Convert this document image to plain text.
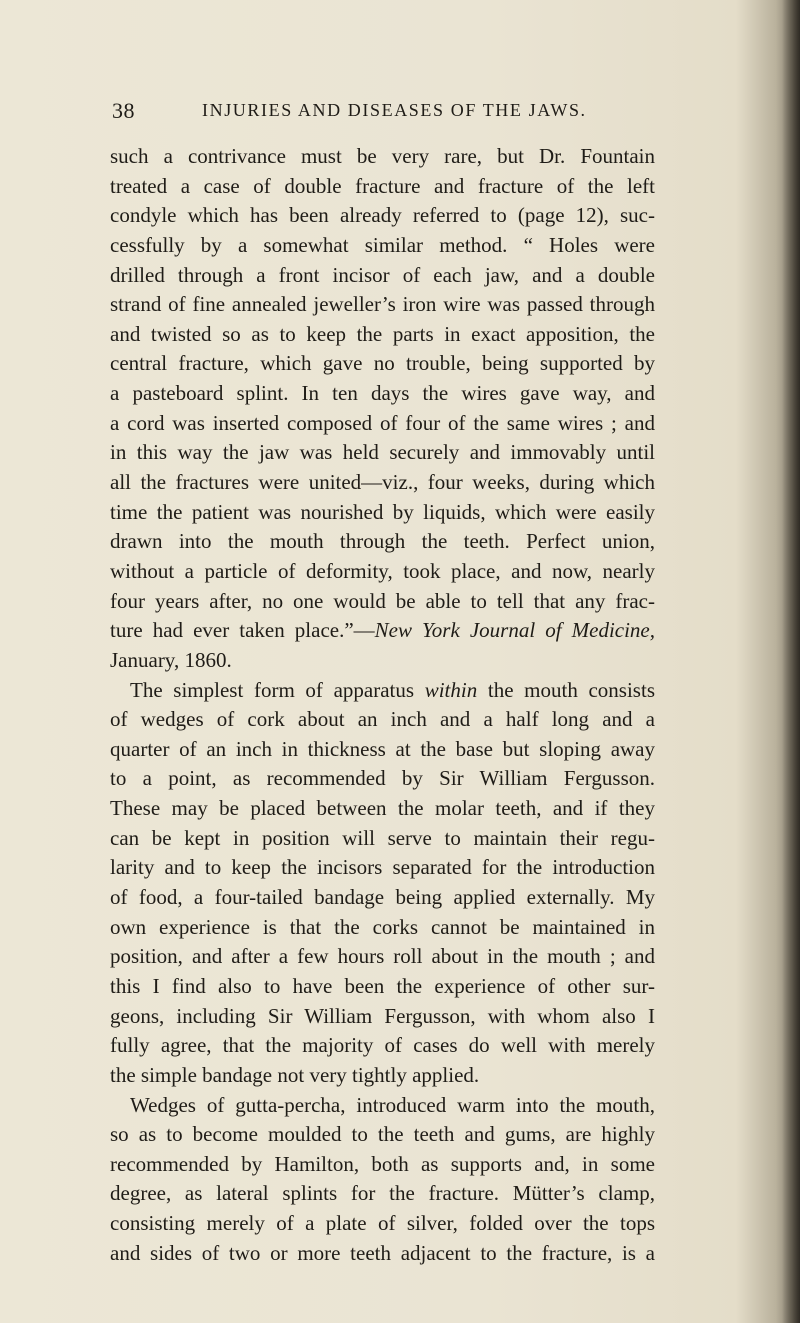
38	INJURIES AND DISEASES OF THE JAWS.
such a contrivance must be very rare, but Dr. Fountain
treated a case of double fracture and fracture of the left
condyle which has been already referred to (page 12), suc-
cessfully by a somewhat similar method. “ Holes were
drilled through a front incisor of each jaw, and a double
strand of fine annealed jeweller’s iron wire was passed through
and twisted so as to keep the parts in exact apposition, the
central fracture, which gave no trouble, being supported by
a pasteboard splint. In ten days the wires gave way, and
a cord was inserted composed of four of the same wires ; and
in this way the jaw was held securely and immovably until
all the fractures were united—viz., four weeks, during which
time the patient was nourished by liquids, which were easily
drawn into the mouth through the teeth. Perfect union,
without a particle of deformity, took place, and now, nearly
four years after, no one would be able to tell that any frac-
ture had ever taken place.”—New York Journal of Medicine,
January, 1860.
The simplest form of apparatus within the mouth consists
of wedges of cork about an inch and a half long and a
quarter of an inch in thickness at the base but sloping away
to a point, as recommended by Sir William Fergusson.
These may be placed between the molar teeth, and if they
can be kept in position will serve to maintain their regu-
larity and to keep the incisors separated for the introduction
of food, a four-tailed bandage being applied externally. My
own experience is that the corks cannot be maintained in
position, and after a few hours roll about in the mouth ; and
this I find also to have been the experience of other sur-
geons, including Sir William Fergusson, with whom also I
fully agree, that the majority of cases do well with merely
the simple bandage not very tightly applied.
Wedges of gutta-percha, introduced warm into the mouth,
so as to become moulded to the teeth and gums, are highly
recommended by Hamilton, both as supports and, in some
degree, as lateral splints for the fracture. Mütter’s clamp,
consisting merely of a plate of silver, folded over the tops
and sides of two or more teeth adjacent to the fracture, is a
